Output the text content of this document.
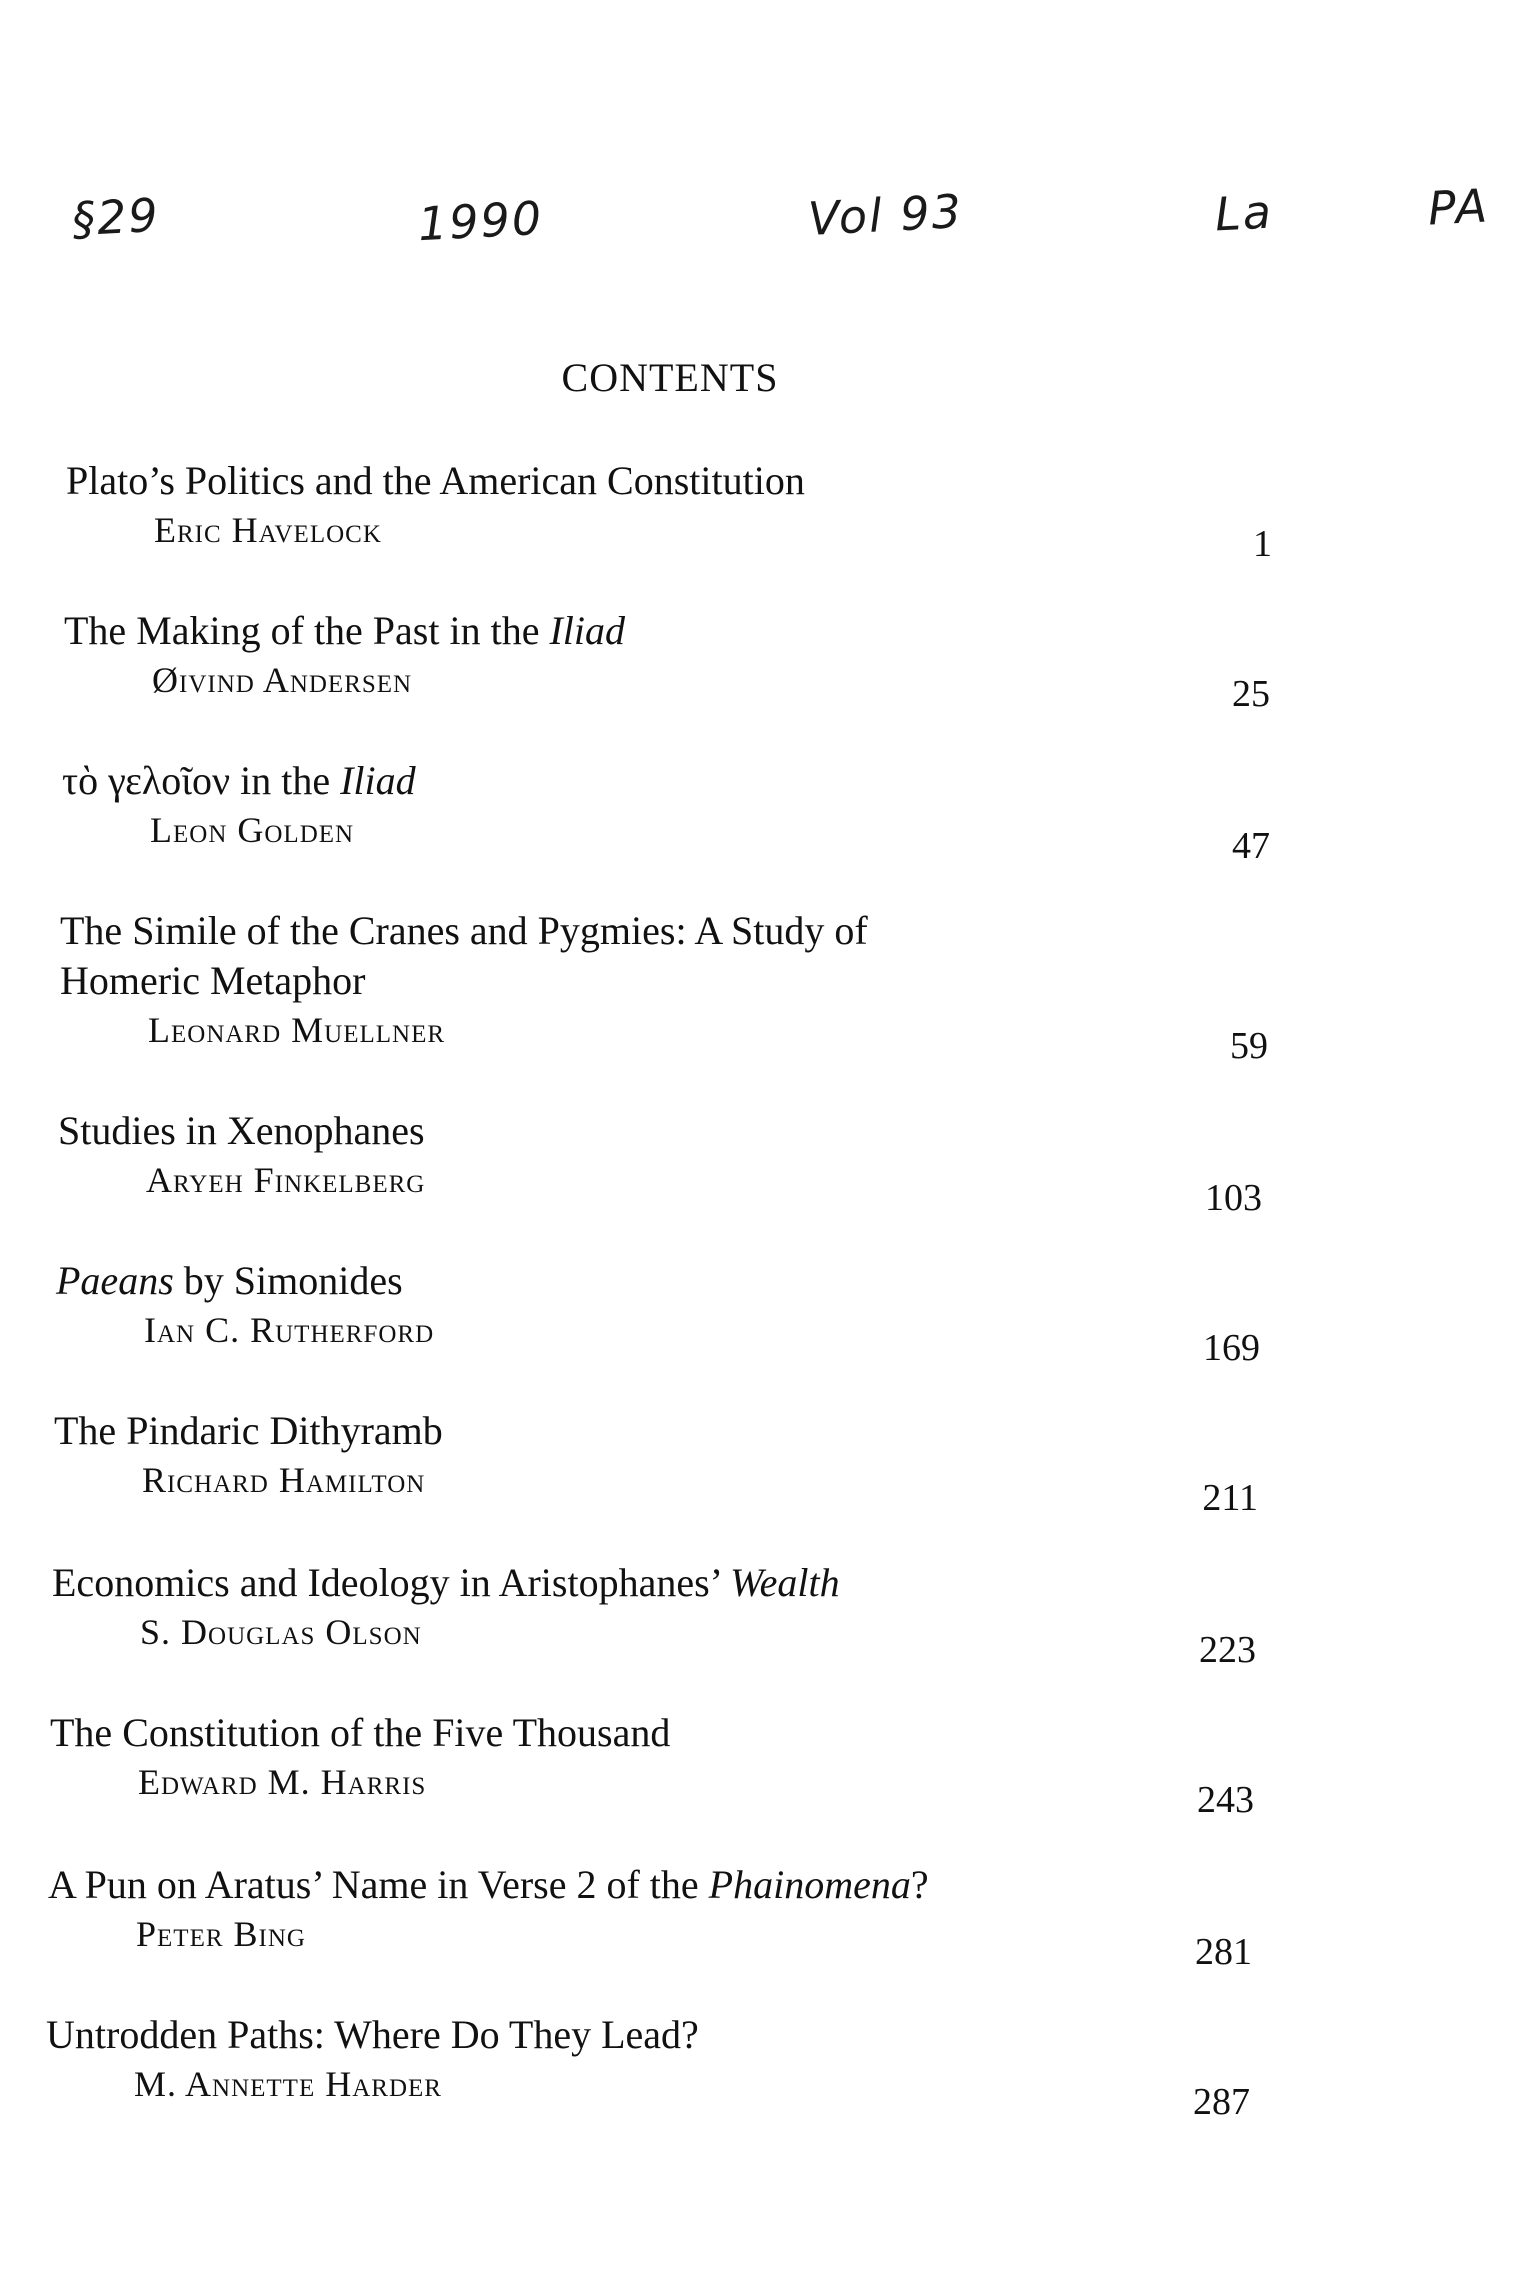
§29	1990	Vol 93	La	PA
CONTENTS

Plato’s Politics and the American Constitution

Eric Havelock	1

The Making of the Past in the Iliad

Øivind Andersen	25

τὸ γελοῖον in the Iliad

Leon Golden	47

The Simile of the Cranes and Pygmies: A Study of
Homeric Metaphor

Leonard Muellner	59

Studies in Xenophanes

Aryeh Finkelberg	103

Paeans by Simonides

Ian C. Rutherford	169

The Pindaric Dithyramb

Richard Hamilton	211

Economics and Ideology in Aristophanes’ Wealth

S. Douglas Olson	223

The Constitution of the Five Thousand

Edward M. Harris	243

A Pun on Aratus’ Name in Verse 2 of the Phainomena?

Peter Bing	281

Untrodden Paths: Where Do They Lead?

M. Annette Harder	287
